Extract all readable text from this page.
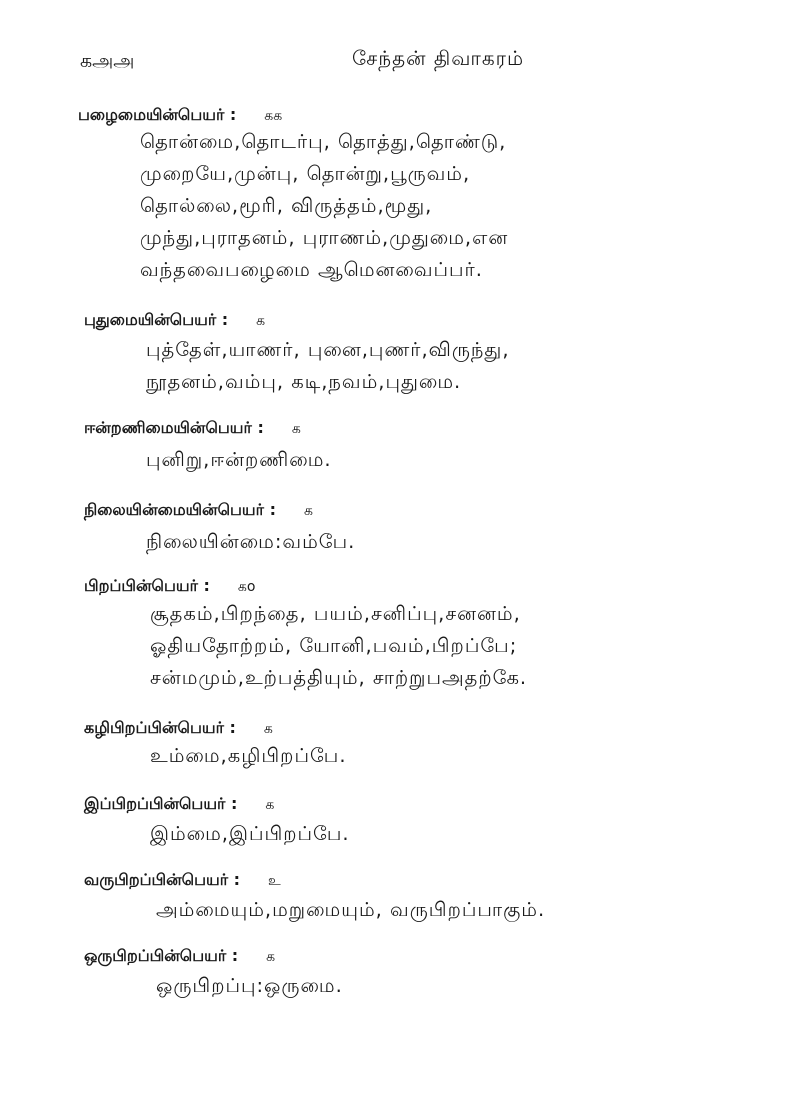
கஅஅ	சேந்தன் திவாகரம்
பழைமையின்பெயர் : கக
தொன்மை,தொடர்பு, தொத்து,தொண்டு,
முறையே,முன்பு, தொன்று,பூருவம்,
தொல்லை,மூரி, விருத்தம்,மூது,
முந்து,புராதனம், புராணம்,முதுமை,என
வந்தவைபழைமை ஆமெனவைப்பர்.
புதுமையின்பெயர் : க
புத்தேள்,யாணர், புனை,புணர்,விருந்து,
நூதனம்,வம்பு, கடி,நவம்,புதுமை.
ஈன்றணிமையின்பெயர் : க
புனிறு,ஈன்றணிமை.
நிலையின்மையின்பெயர் : க
நிலையின்மை:வம்பே.
பிறப்பின்பெயர் : கo
சூதகம்,பிறந்தை, பயம்,சனிப்பு,சனனம்,
ஓதியதோற்றம், யோனி,பவம்,பிறப்பே;
சன்மமும்,உற்பத்தியும், சாற்றுபஅதற்கே.
கழிபிறப்பின்பெயர் : க
உம்மை,கழிபிறப்பே.
இப்பிறப்பின்பெயர் : க
இம்மை,இப்பிறப்பே.
வருபிறப்பின்பெயர் : உ
அம்மையும்,மறுமையும், வருபிறப்பாகும்.
ஒருபிறப்பின்பெயர் : க
ஒருபிறப்பு:ஒருமை.
